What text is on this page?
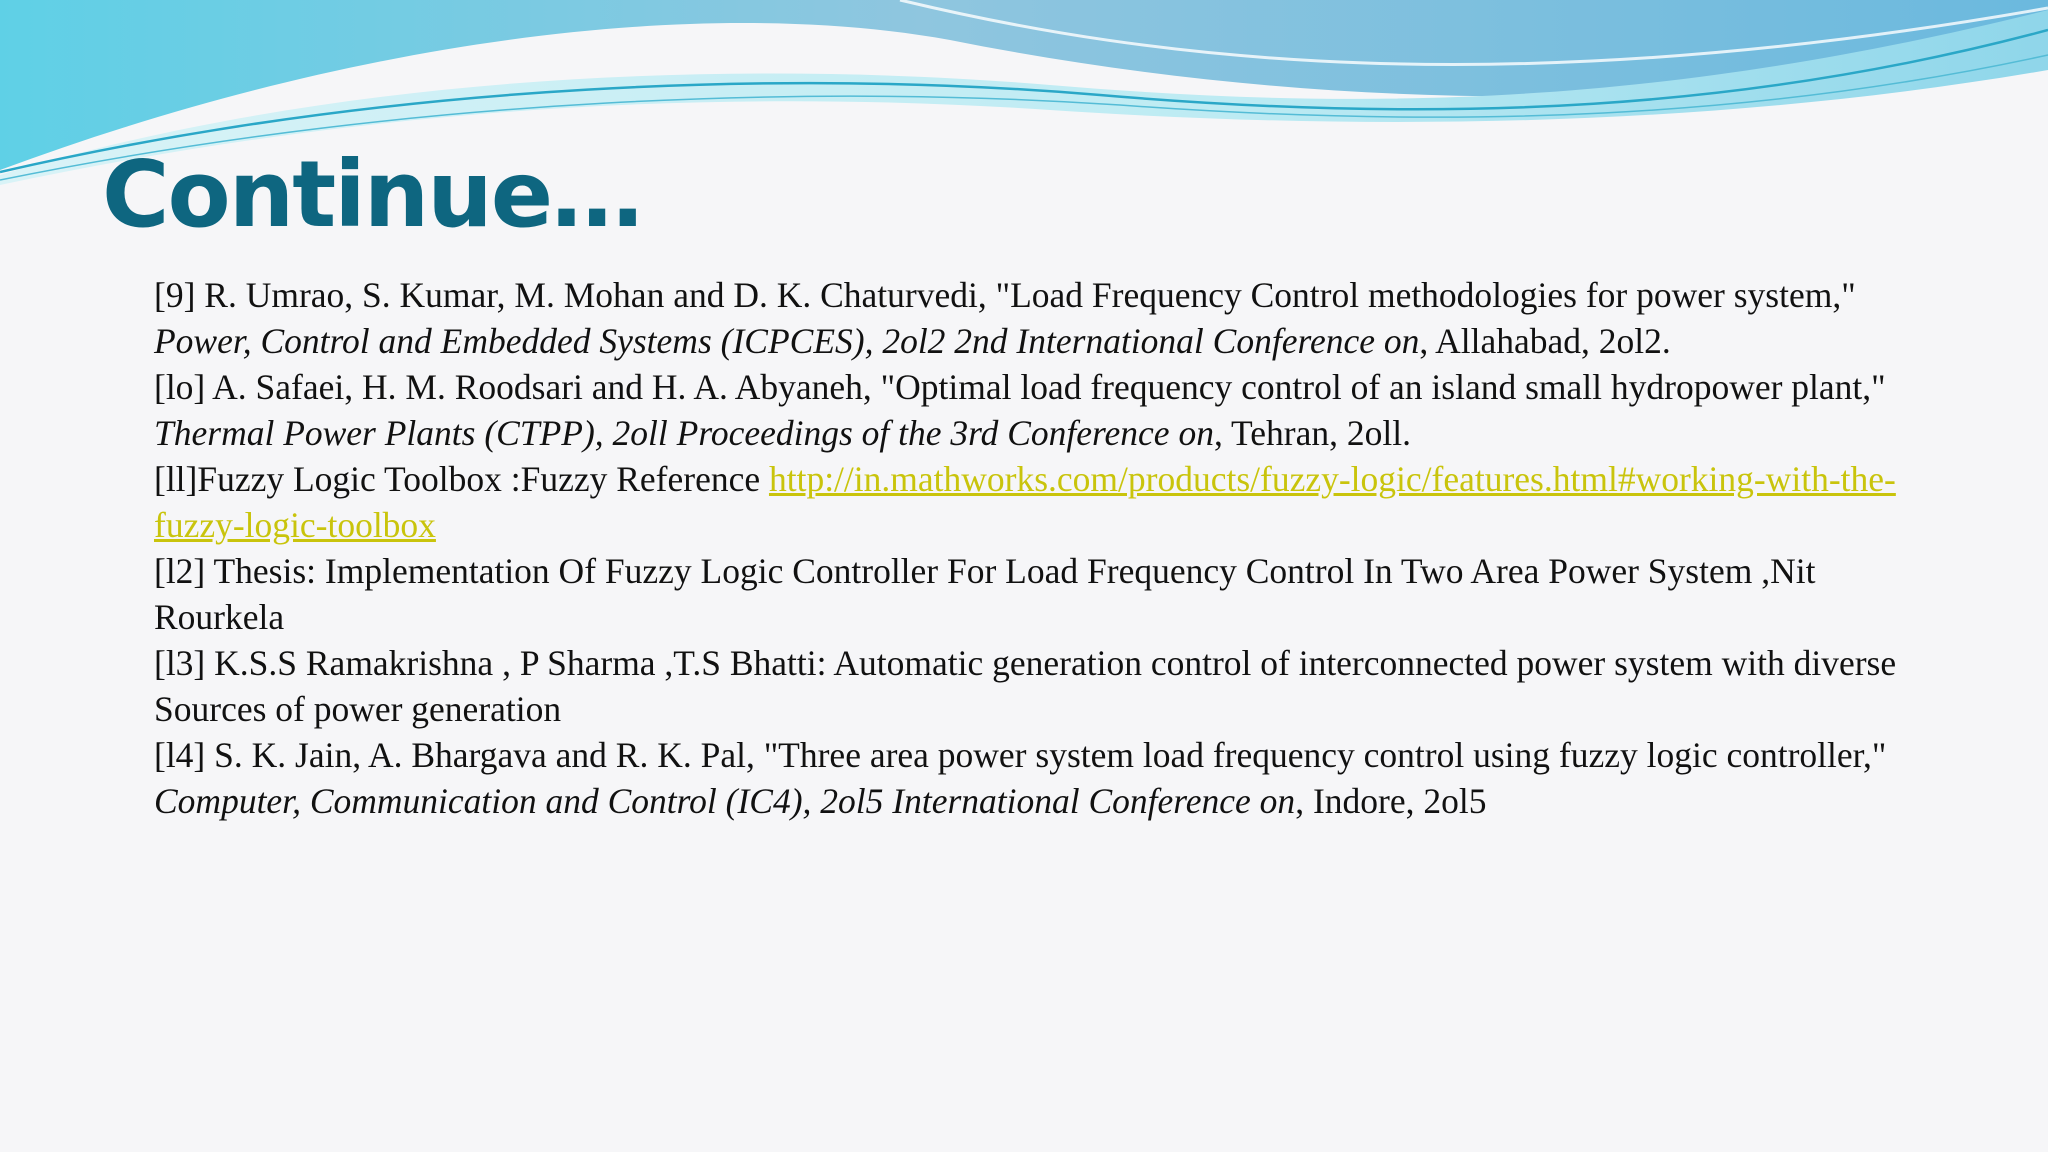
Continue…

[9] R. Umrao, S. Kumar, M. Mohan and D. K. Chaturvedi, "Load Frequency Control methodologies for power system," Power, Control and Embedded Systems (ICPCES), 2ol2 2nd International Conference on, Allahabad, 2ol2.

[lo] A. Safaei, H. M. Roodsari and H. A. Abyaneh, "Optimal load frequency control of an island small hydropower plant," Thermal Power Plants (CTPP), 2oll Proceedings of the 3rd Conference on, Tehran, 2oll.

[ll]Fuzzy Logic Toolbox :Fuzzy Reference http://in.mathworks.com/products/fuzzy-logic/features.html#working-with-the-fuzzy-logic-toolbox

[l2] Thesis: Implementation Of Fuzzy Logic Controller For Load Frequency Control In Two Area Power System ,Nit Rourkela

[l3] K.S.S Ramakrishna , P Sharma ,T.S Bhatti: Automatic generation control of interconnected power system with diverse Sources of power generation

[l4] S. K. Jain, A. Bhargava and R. K. Pal, "Three area power system load frequency control using fuzzy logic controller," Computer, Communication and Control (IC4), 2ol5 International Conference on, Indore, 2ol5
